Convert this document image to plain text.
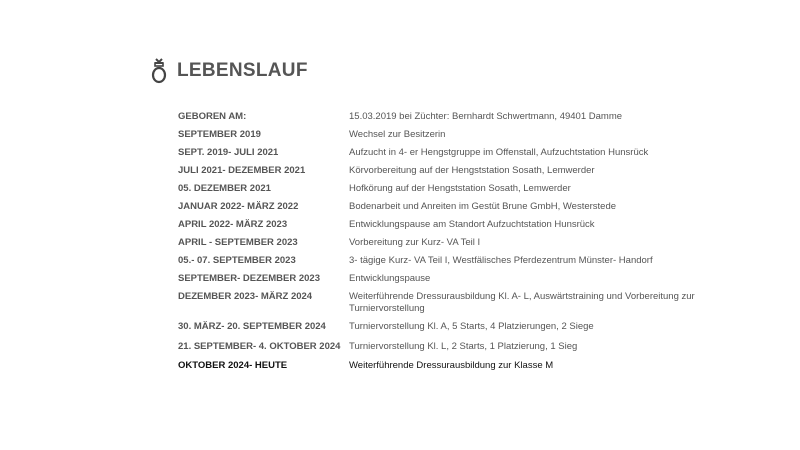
LEBENSLAUF
GEBOREN AM:	15.03.2019 bei Züchter: Bernhardt Schwertmann, 49401 Damme
SEPTEMBER 2019	Wechsel zur Besitzerin
SEPT. 2019- JULI 2021	Aufzucht in 4- er Hengstgruppe im Offenstall, Aufzuchtstation Hunsrück
JULI 2021- DEZEMBER 2021	Körvorbereitung auf der Hengststation Sosath, Lemwerder
05. DEZEMBER 2021	Hofkörung auf der Hengststation Sosath, Lemwerder
JANUAR 2022- MÄRZ 2022	Bodenarbeit und Anreiten im Gestüt Brune GmbH, Westerstede
APRIL 2022- MÄRZ 2023	Entwicklungspause am Standort Aufzuchtstation Hunsrück
APRIL - SEPTEMBER 2023	Vorbereitung zur Kurz- VA Teil I
05.- 07. SEPTEMBER 2023	3- tägige Kurz- VA Teil I, Westfälisches Pferdezentrum Münster- Handorf
SEPTEMBER- DEZEMBER 2023	Entwicklungspause
DEZEMBER 2023- MÄRZ 2024	Weiterführende Dressurausbildung Kl. A- L, Auswärtstraining und Vorbereitung zur Turniervorstellung
30. MÄRZ- 20. SEPTEMBER 2024	Turniervorstellung Kl. A, 5 Starts, 4 Platzierungen, 2 Siege
21. SEPTEMBER- 4. OKTOBER 2024 Turniervorstellung Kl. L, 2 Starts, 1 Platzierung, 1 Sieg
OKTOBER 2024- HEUTE	Weiterführende Dressurausbildung zur Klasse M
